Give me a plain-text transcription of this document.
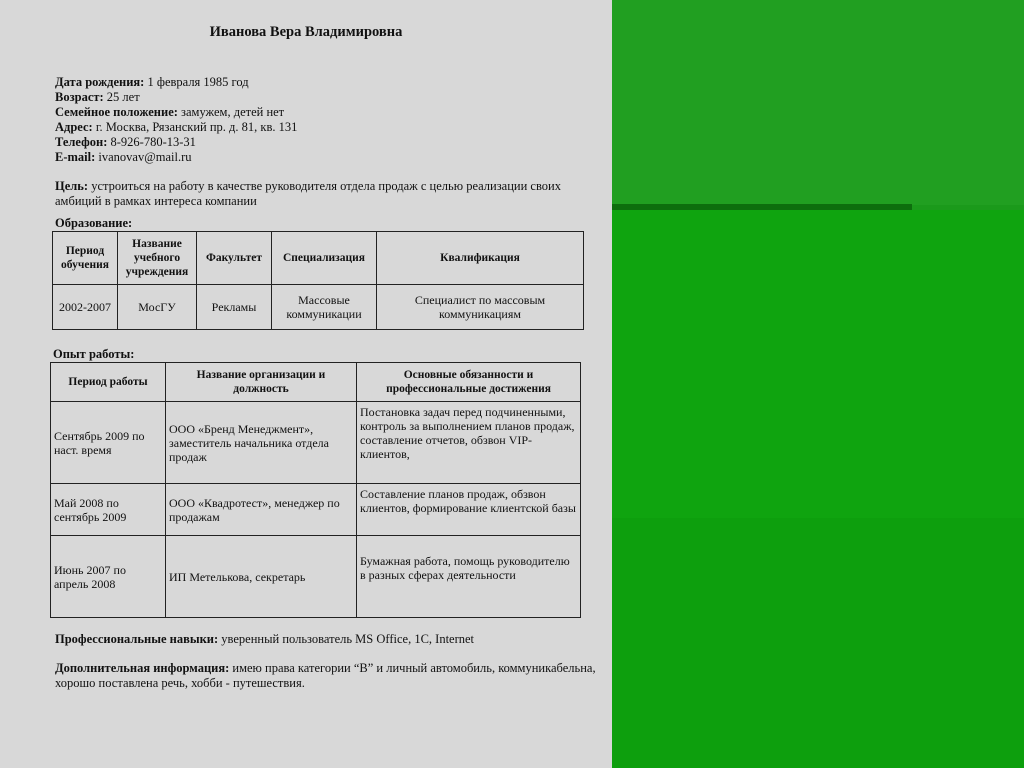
Иванова Вера Владимировна
Дата рождения: 1 февраля 1985 год
Возраст: 25 лет
Семейное положение: замужем, детей нет
Адрес: г. Москва, Рязанский пр. д. 81, кв. 131
Телефон: 8-926-780-13-31
E-mail: ivanovav@mail.ru
Цель: устроиться на работу в качестве руководителя отдела продаж с целью реализации своих амбиций в рамках интереса компании
Образование:
Период обучения	Название учебного учреждения	Факультет	Специализация	Квалификация
2002-2007	МосГУ	Рекламы	Массовые коммуникации	Специалист по массовым коммуникациям
Опыт работы:
Период работы	Название организации и должность	Основные обязанности и профессиональные достижения
Сентябрь 2009 по наст. время	ООО «Бренд Менеджмент», заместитель начальника отдела продаж	Постановка задач перед подчиненными, контроль за выполнением планов продаж, составление отчетов, обзвон VIP-клиентов,
Май 2008 по сентябрь 2009	ООО «Квадротест», менеджер по продажам	Составление планов продаж, обзвон клиентов, формирование клиентской базы
Июнь 2007 по апрель 2008	ИП Метелькова, секретарь	Бумажная работа, помощь руководителю в разных сферах деятельности
Профессиональные навыки: уверенный пользователь MS Office, 1C, Internet
Дополнительная информация: имею права категории “В” и личный автомобиль, коммуникабельна, хорошо поставлена речь, хобби - путешествия.
